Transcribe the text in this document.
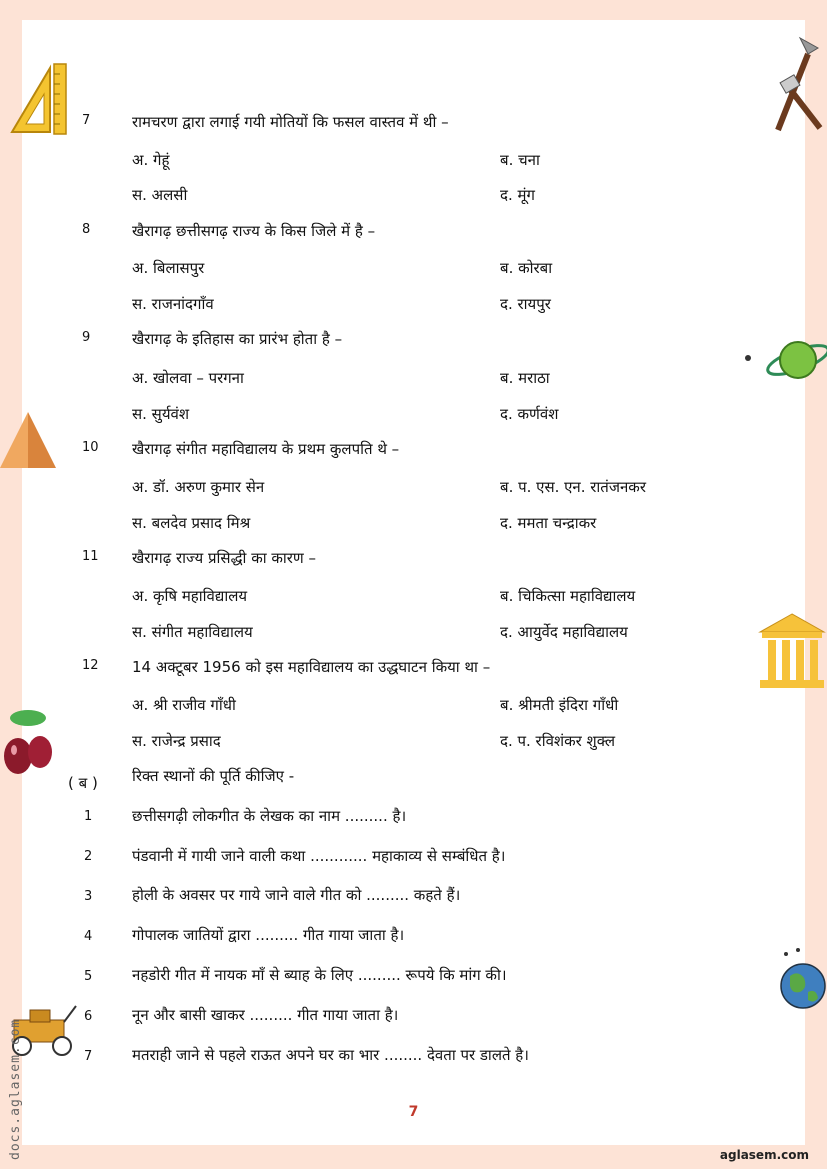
7	रामचरण द्वारा लगाई गयी मोतियों कि फसल वास्तव में थी –
अ. गेहूं	ब. चना
स. अलसी	द. मूंग
8	खैरागढ़ छत्तीसगढ़ राज्य के किस जिले में है –
अ. बिलासपुर	ब. कोरबा
स. राजनांदगाँव	द. रायपुर
9	खैरागढ़ के इतिहास का प्रारंभ होता है –
अ. खोलवा – परगना	ब. मराठा
स. सुर्यवंश	द. कर्णवंश
10 खैरागढ़ संगीत महाविद्यालय के प्रथम कुलपति थे –
अ. डॉ. अरुण कुमार सेन	ब. प. एस. एन. रातंजनकर
स. बलदेव प्रसाद मिश्र	द. ममता चन्द्राकर
11 खैरागढ़ राज्य प्रसिद्धी का कारण –
अ. कृषि महाविद्यालय	ब. चिकित्सा महाविद्यालय
स. संगीत महाविद्यालय	द. आयुर्वेद महाविद्यालय
12 14 अक्टूबर 1956 को इस महाविद्यालय का उद्धघाटन किया था –
अ. श्री राजीव गाँधी	ब. श्रीमती इंदिरा गाँधी
स. राजेन्द्र प्रसाद	द. प. रविशंकर शुक्ल
( ब ) रिक्त स्थानों की पूर्ति कीजिए -
1	छत्तीसगढ़ी लोकगीत के लेखक का नाम ......... है।
2	पंडवानी में गायी जाने वाली कथा ............ महाकाव्य से सम्बंधित है।
3	होली के अवसर पर गाये जाने वाले गीत को ......... कहते हैं।
4	गोपालक जातियों द्वारा ......... गीत गाया जाता है।
5	नहडोरी गीत में नायक माँ से ब्याह के लिए ......... रूपये कि मांग की।
6	नून और बासी खाकर ......... गीत गाया जाता है।
7	मतराही जाने से पहले राऊत अपने घर का भार ........ देवता पर डालते है।
7
aglasem.com
docs.aglasem.com
